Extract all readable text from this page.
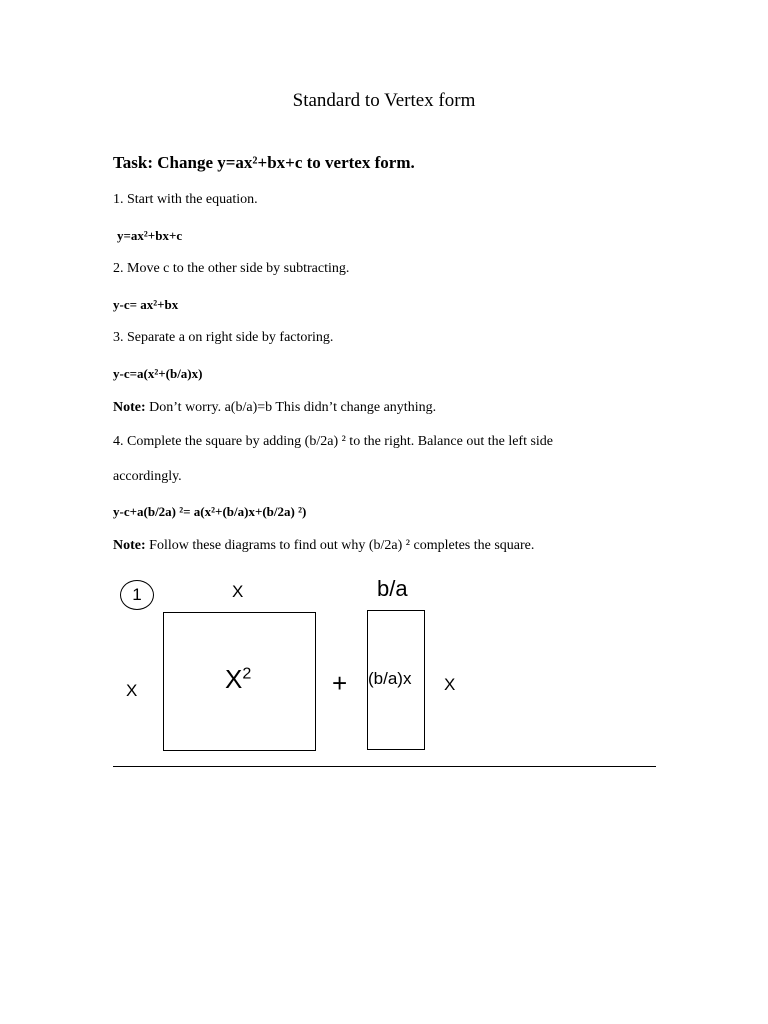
Standard to Vertex form
Task: Change y=ax²+bx+c to vertex form.
1. Start with the equation.
y=ax²+bx+c
2. Move c to the other side by subtracting.
y-c= ax²+bx
3. Separate a on right side by factoring.
y-c=a(x²+(b/a)x)
Note: Don’t worry. a(b/a)=b This didn’t change anything.
4. Complete the square by adding (b/2a) ² to the right. Balance out the left side
accordingly.
y-c+a(b/2a) ²= a(x²+(b/a)x+(b/2a) ²)
Note: Follow these diagrams to find out why (b/2a) ² completes the square.
1	X
X	$X^2$	+
b/a
(b/a)x X
